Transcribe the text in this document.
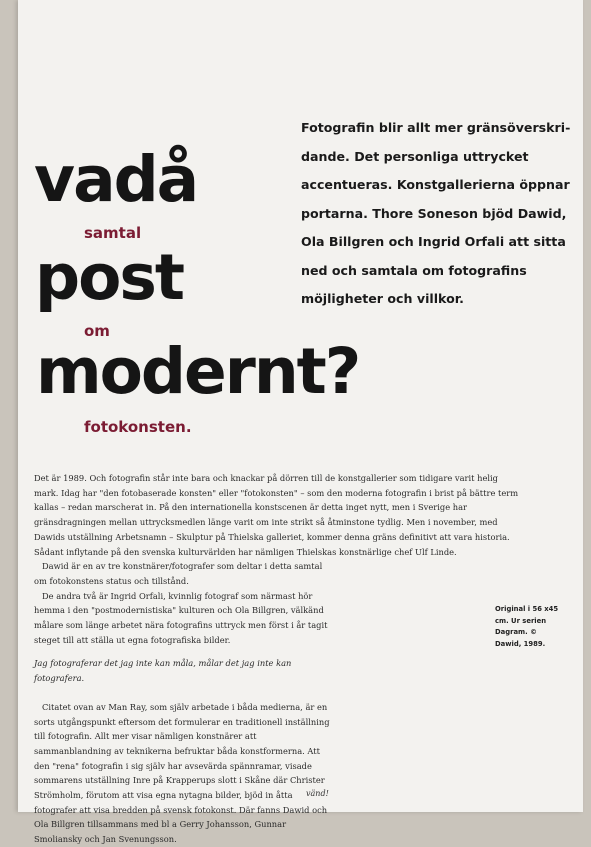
Fotografin blir allt mer gränsöverskridande. Det personliga uttrycket accentueras. Konstgallerierna öppnar portarna. Thore Soneson bjöd Dawid, Ola Billgren och Ingrid Orfali att sitta ned och samtala om fotografins möjligheter och villkor.

vadå
post
modernt?

samtal

om

fotokonsten.

Det är 1989. Och fotografin står inte bara och knackar på dörren till de konstgallerier som tidigare varit helig mark. Idag har "den fotobaserade konsten" eller "fotokonsten" – som den moderna fotografin i brist på bättre term kallas – redan marscherat in. På den internationella konstscenen är detta inget nytt, men i Sverige har gränsdragningen mellan uttrycksmedlen länge varit om inte strikt så åtminstone tydlig. Men i november, med Dawids utställning Arbetsnamn – Skulptur på Thielska galleriet, kommer denna gräns definitivt att vara historia. Sådant inflytande på den svenska kulturvärlden har nämligen Thielskas konstnärlige chef Ulf Linde.

Dawid är en av tre konstnärer/fotografer som deltar i detta samtal om fotokonstens status och tillstånd.

De andra två är Ingrid Orfali, kvinnlig fotograf som närmast hör hemma i den "postmodernistiska" kulturen och Ola Billgren, välkänd målare som länge arbetet nära fotografins uttryck men först i år tagit steget till att ställa ut egna fotografiska bilder.

Jag fotograferar det jag inte kan måla, målar det jag inte kan fotografera.

Citatet ovan av Man Ray, som själv arbetade i båda medierna, är en sorts utgångspunkt eftersom det formulerar en traditionell inställning till fotografin. Allt mer visar nämligen konstnärer att sammanblandning av teknikerna befruktar båda konstformerna. Att den "rena" fotografin i sig själv har avsevärda spännramar, visade sommarens utställning Inre på Krapperups slott i Skåne där Christer Strömholm, förutom att visa egna nytagna bilder, bjöd in åtta fotografer att visa bredden på svensk fotokonst. Där fanns Dawid och Ola Billgren tillsammans med bl a Gerry Johansson, Gunnar Smoliansky och Jan Svenungsson.

Original i 56 x45 cm. Ur serien Dagram. © Dawid, 1989.

vänd!
